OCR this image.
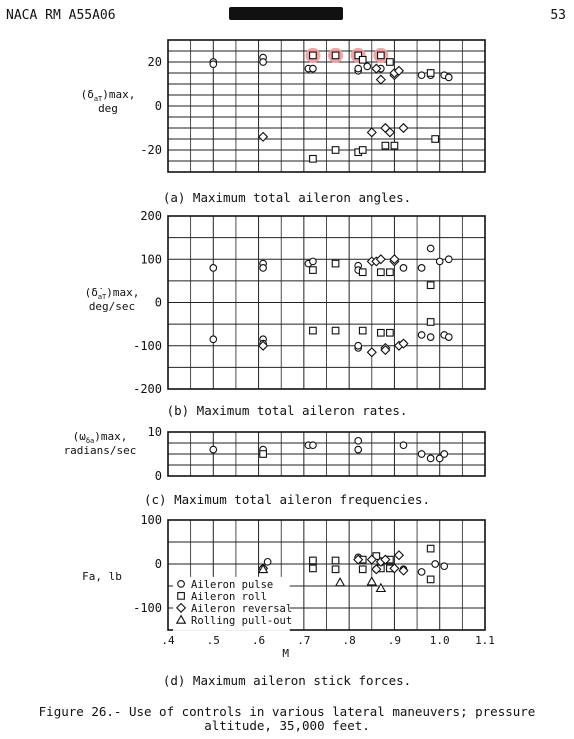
NACA RM A55A06	53
20
0
-20
$(\delta_{aT})\max$,
deg
200
100
0
-100
-200
$(\deltȧ_{aT})\max$,
deg/sec
10
0
$(\omega_{\delta a})\max$,
radians/sec
100
0
-100
.4	.5	.6	.7	.8	.9	1.0 1.1
M
Fa, lb
Aileron pulse
Aileron roll
Aileron reversal
Rolling pull-out
(a) Maximum total aileron angles.
(b) Maximum total aileron rates.
(c) Maximum total aileron frequencies.
(d) Maximum aileron stick forces.
Figure 26.- Use of controls in various lateral maneuvers; pressure
altitude, 35,000 feet.
